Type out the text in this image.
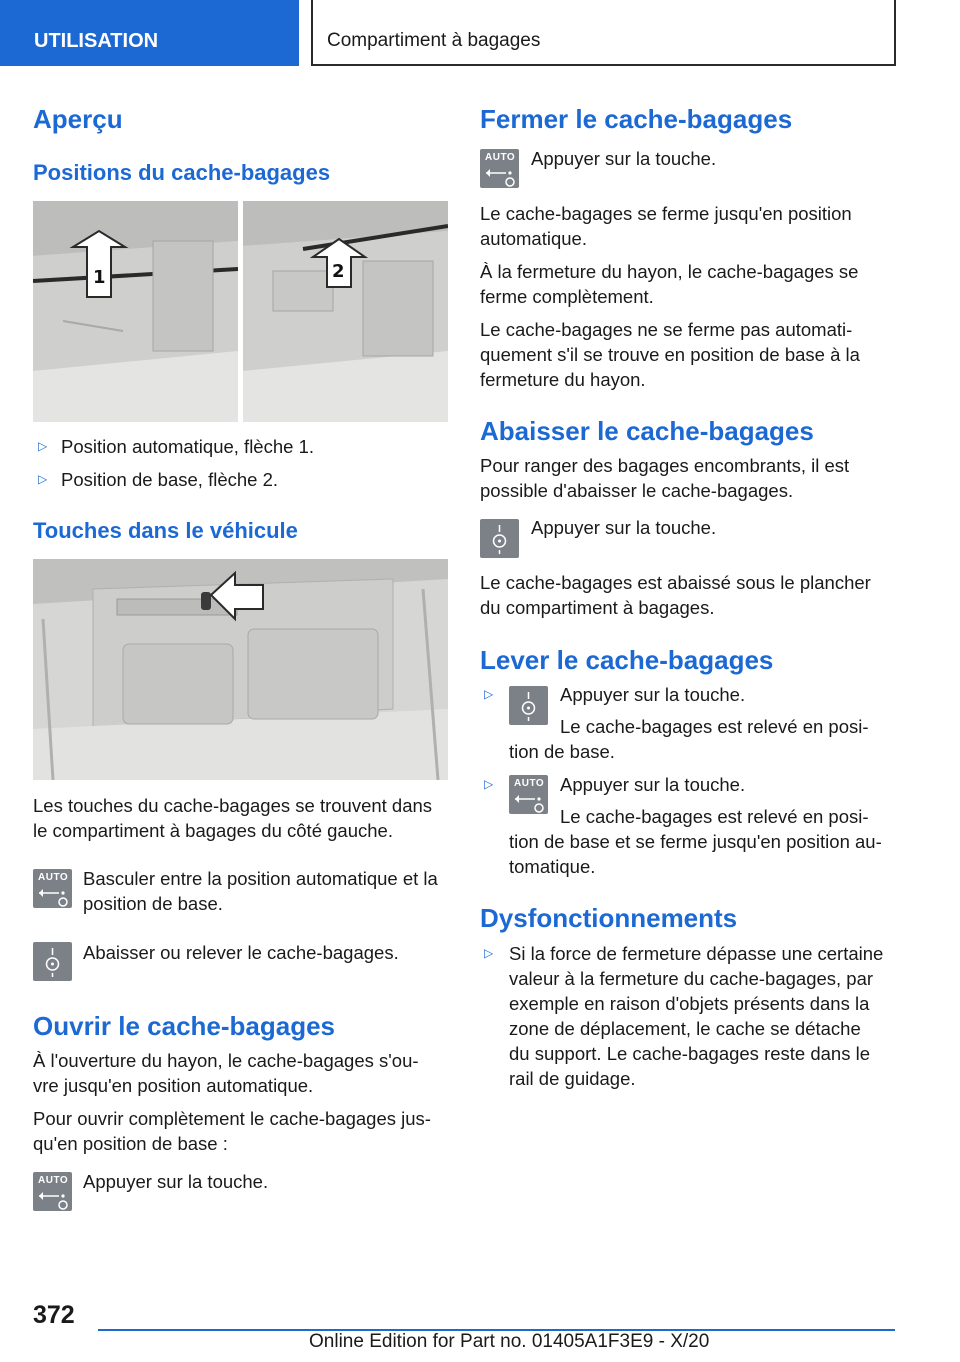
UTILISATION	Compartiment à bagages
Aperçu
Positions du cache-bagages
1	2
▷ Position automatique, flèche 1.
▷ Position de base, flèche 2.
Touches dans le véhicule
Les touches du cache-bagages se trouvent dans
le compartiment à bagages du côté gauche.
AUTO Basculer entre la position automatique et la
position de base.
Abaisser ou relever le cache-bagages.
Ouvrir le cache-bagages
À l'ouverture du hayon, le cache-bagages s'ou‐
vre jusqu'en position automatique.
Pour ouvrir complètement le cache-bagages jus‐
qu'en position de base :
AUTO Appuyer sur la touche.
Fermer le cache-bagages
AUTO Appuyer sur la touche.
Le cache-bagages se ferme jusqu'en position
automatique.
À la fermeture du hayon, le cache-bagages se
ferme complètement.
Le cache-bagages ne se ferme pas automati‐
quement s'il se trouve en position de base à la
fermeture du hayon.
Abaisser le cache-bagages
Pour ranger des bagages encombrants, il est
possible d'abaisser le cache-bagages.
Appuyer sur la touche.
Le cache-bagages est abaissé sous le plancher
du compartiment à bagages.
Lever le cache-bagages
▷	Appuyer sur la touche.
Le cache-bagages est relevé en posi‐
tion de base.
▷ AUTO Appuyer sur la touche.
Le cache-bagages est relevé en posi‐
tion de base et se ferme jusqu'en position au‐
tomatique.
Dysfonctionnements
▷ Si la force de fermeture dépasse une certaine
valeur à la fermeture du cache-bagages, par
exemple en raison d'objets présents dans la
zone de déplacement, le cache se détache
du support. Le cache-bagages reste dans le
rail de guidage.
372
Online Edition for Part no. 01405A1F3E9 - X/20
